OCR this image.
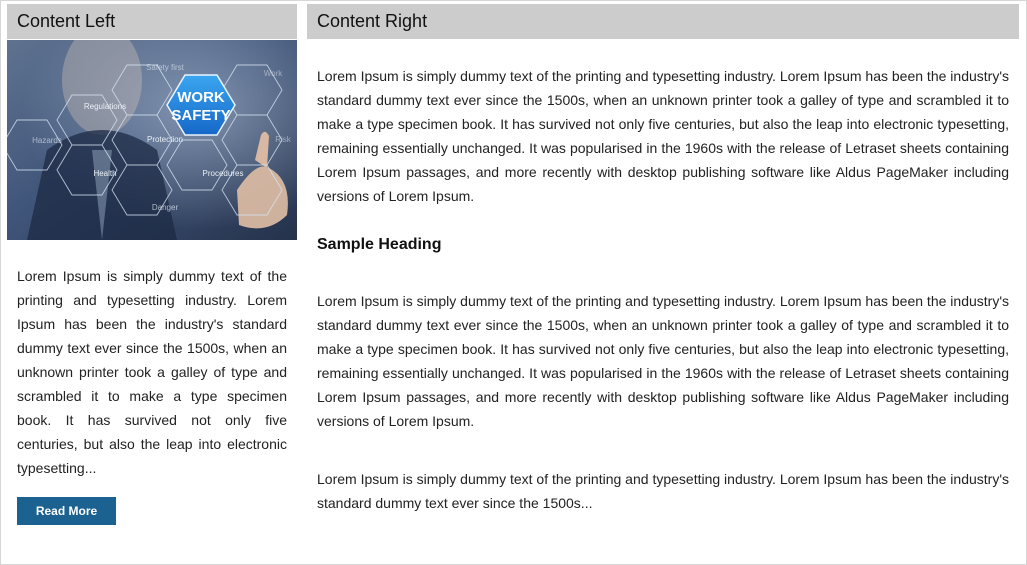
Content Left	Content Right
WORK
SAFETY
Safety first
Regulations
Hazards	Protection
Health	Procedures
Danger
Work
Risk

Lorem Ipsum is simply dummy text of the printing and typesetting industry. Lorem Ipsum has been the industry's standard dummy text ever since the 1500s, when an unknown printer took a galley of type and scrambled it to make a type specimen book. It has survived not only five centuries, but also the leap into electronic typesetting...

Read More

Lorem Ipsum is simply dummy text of the printing and typesetting industry. Lorem Ipsum has been the industry's standard dummy text ever since the 1500s, when an unknown printer took a galley of type and scrambled it to make a type specimen book. It has survived not only five centuries, but also the leap into electronic typesetting, remaining essentially unchanged. It was popularised in the 1960s with the release of Letraset sheets containing Lorem Ipsum passages, and more recently with desktop publishing software like Aldus PageMaker including versions of Lorem Ipsum.

Sample Heading

Lorem Ipsum is simply dummy text of the printing and typesetting industry. Lorem Ipsum has been the industry's standard dummy text ever since the 1500s, when an unknown printer took a galley of type and scrambled it to make a type specimen book. It has survived not only five centuries, but also the leap into electronic typesetting, remaining essentially unchanged. It was popularised in the 1960s with the release of Letraset sheets containing Lorem Ipsum passages, and more recently with desktop publishing software like Aldus PageMaker including versions of Lorem Ipsum.

Lorem Ipsum is simply dummy text of the printing and typesetting industry. Lorem Ipsum has been the industry's standard dummy text ever since the 1500s...
